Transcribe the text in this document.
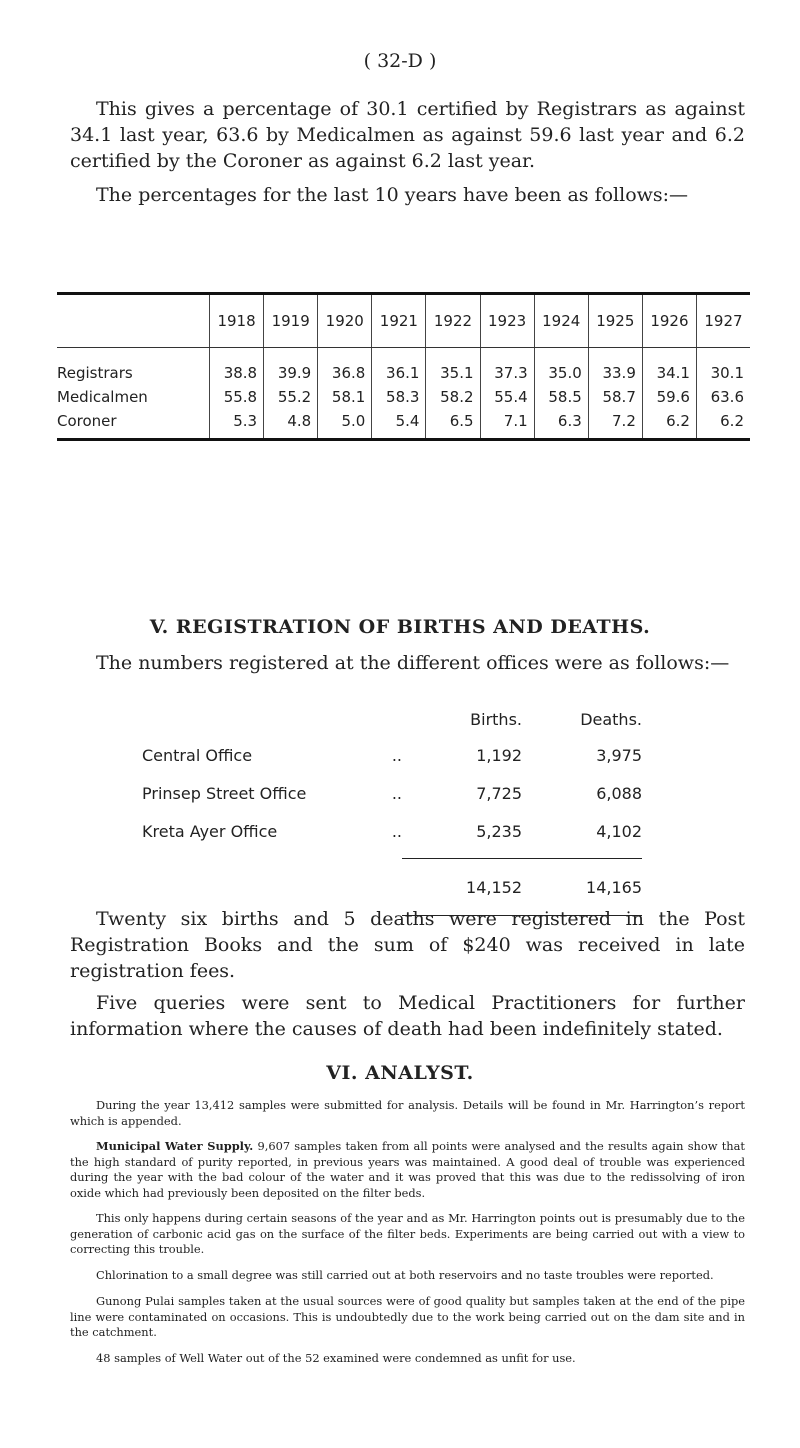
( 32-D )

This gives a percentage of 30.1 certified by Registrars as against 34.1 last year, 63.6 by Medicalmen as against 59.6 last year and 6.2 certified by the Coroner as against 6.2 last year.

The percentages for the last 10 years have been as follows:—

	1918	1919	1920	1921	1922	1923	1924	1925	1926	1927
Registrars	38.8	39.9	36.8	36.1	35.1	37.3	35.0	33.9	34.1	30.1
Medicalmen	55.8	55.2	58.1	58.3	58.2	55.4	58.5	58.7	59.6	63.6
Coroner	5.3	4.8	5.0	5.4	6.5	7.1	6.3	7.2	6.2	6.2
V. REGISTRATION OF BIRTHS AND DEATHS.

The numbers registered at the different offices were as follows:—

	Births.	Deaths.
Central Office ..	1,192	3,975
Prinsep Street Office ..	7,725	6,088
Kreta Ayer Office ..	5,235	4,102

	14,152	14,165

Twenty six births and 5 deaths were registered in the Post Registration Books and the sum of $240 was received in late registration fees.

Five queries were sent to Medical Practitioners for further information where the causes of death had been indefinitely stated.

VI. ANALYST.

During the year 13,412 samples were submitted for analysis. Details will be found in Mr. Harrington’s report which is appended.

Municipal Water Supply. 9,607 samples taken from all points were analysed and the results again show that the high standard of purity reported, in previous years was maintained. A good deal of trouble was experienced during the year with the bad colour of the water and it was proved that this was due to the redissolving of iron oxide which had previously been deposited on the filter beds.

This only happens during certain seasons of the year and as Mr. Harrington points out is presumably due to the generation of carbonic acid gas on the surface of the filter beds. Experiments are being carried out with a view to correcting this trouble.

Chlorination to a small degree was still carried out at both reservoirs and no taste troubles were reported.

Gunong Pulai samples taken at the usual sources were of good quality but samples taken at the end of the pipe line were contaminated on occasions. This is undoubtedly due to the work being carried out on the dam site and in the catchment.

48 samples of Well Water out of the 52 examined were condemned as unfit for use.
